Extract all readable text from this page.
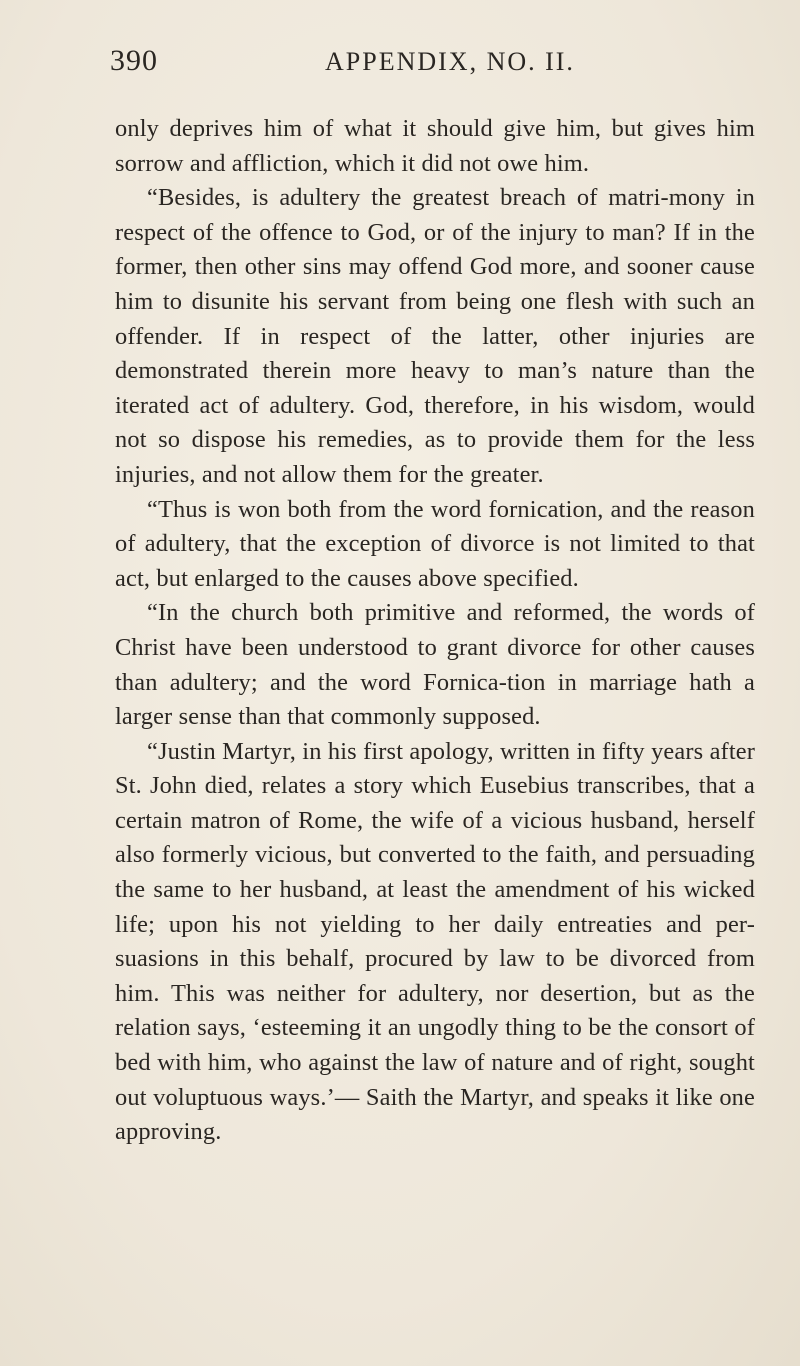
390	APPENDIX, NO. II.

only deprives him of what it should give him, but gives him sorrow and affliction, which it did not owe him.

“Besides, is adultery the greatest breach of matri-mony in respect of the offence to God, or of the injury to man? If in the former, then other sins may offend God more, and sooner cause him to disunite his servant from being one flesh with such an offender. If in respect of the latter, other injuries are demonstrated therein more heavy to man’s nature than the iterated act of adultery. God, therefore, in his wisdom, would not so dispose his remedies, as to provide them for the less injuries, and not allow them for the greater.

“Thus is won both from the word fornication, and the reason of adultery, that the exception of divorce is not limited to that act, but enlarged to the causes above specified.

“In the church both primitive and reformed, the words of Christ have been understood to grant divorce for other causes than adultery; and the word Fornica-tion in marriage hath a larger sense than that commonly supposed.

“Justin Martyr, in his first apology, written in fifty years after St. John died, relates a story which Eusebius transcribes, that a certain matron of Rome, the wife of a vicious husband, herself also formerly vicious, but converted to the faith, and persuading the same to her husband, at least the amendment of his wicked life; upon his not yielding to her daily entreaties and per-suasions in this behalf, procured by law to be divorced from him. This was neither for adultery, nor desertion, but as the relation says, ‘esteeming it an ungodly thing to be the consort of bed with him, who against the law of nature and of right, sought out voluptuous ways.’— Saith the Martyr, and speaks it like one approving.
